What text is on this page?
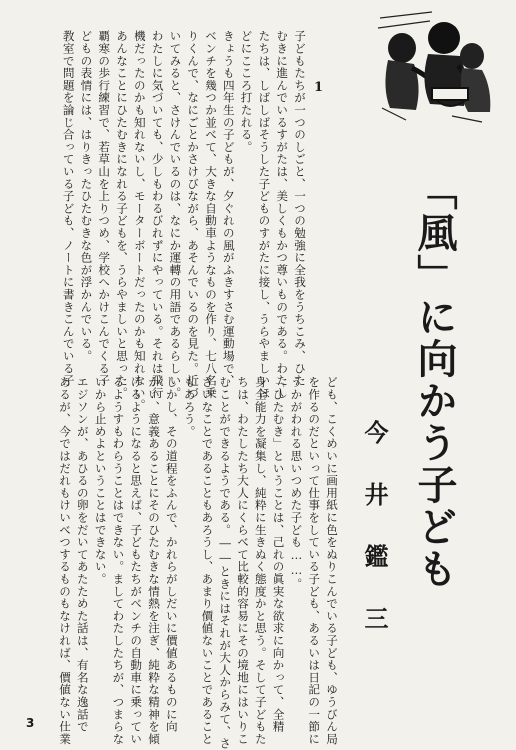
「風」に向かう子ども
今井鑑三
1

子どもたちが一つのしごと、一つの勉強に全我をうちこみ、ひた

むきに進んでいるすがたは、美しくもかつ尊いものである。わたし

たちは、しばしばそうした子どものすがたに接し、うらやましいほ

どにこころ打たれる。

きょうも四年生の子どもが、夕ぐれの風がふきすさむ運動場で、

ベンチを幾つか並べて、大きな自動車ようなものを作り、七八名乗

りくんで、なにごとかさけびながら、あそんでいるのを見た。近づ

いてみると、さけんでいるのは、なにか運轉の用語であるらしい。

わたしに気づいても、少しもわるびれずにやっている。それは飛行

機だったのかも知れないし、モーターボートだったのかも知れない。

あんなことにひたむきになれる子どもを、うらやましいと思った。

覇寒の歩行練習で、若草山を上りつめ、学校へかけこんでくる子

どもの表情には、はりきったひたむきな色が浮かんでいる。

教室で問題を論じ合っている子ども、ノートに書きこんでいる子

ども、こくめいに画用紙に色をぬりこんでいる子ども、ゆうびん局

を作るのだといって仕事をしている子ども、あるいは日記の一節に

うかがわれる思いつめた子ども……。

「ひたむき」ということは、己れの眞実な欲求に向かって、全精

身全能力を凝集し、純粋に生きぬく態度かと思う。そして子どもた

ちは、わたしたち大人にくらべて比較的容易にその境地にはいりこ

むことができるようである。――ときにはそれが大人からみて、さ

さいなことであることもあろうし、あまり價値ないことであること

もあろう。

しかし、その道程をふんで、かれらがしだいに價値あるものに向

かい、意義あることにそのひたむきな情熱を注ぎ、純粋な精神を傾

けるようになると思えば、子どもたちがベンチの自動車に乗ってい

るようすもわらうことはできない。ましてわたしたちが、つまらな

いから止めよということはできない。

エジソンが、あひるの卵をだいてあたためた話は、有名な逸話で

あるが、今ではだれもけいべつするものもなければ、價値ない仕業

3
